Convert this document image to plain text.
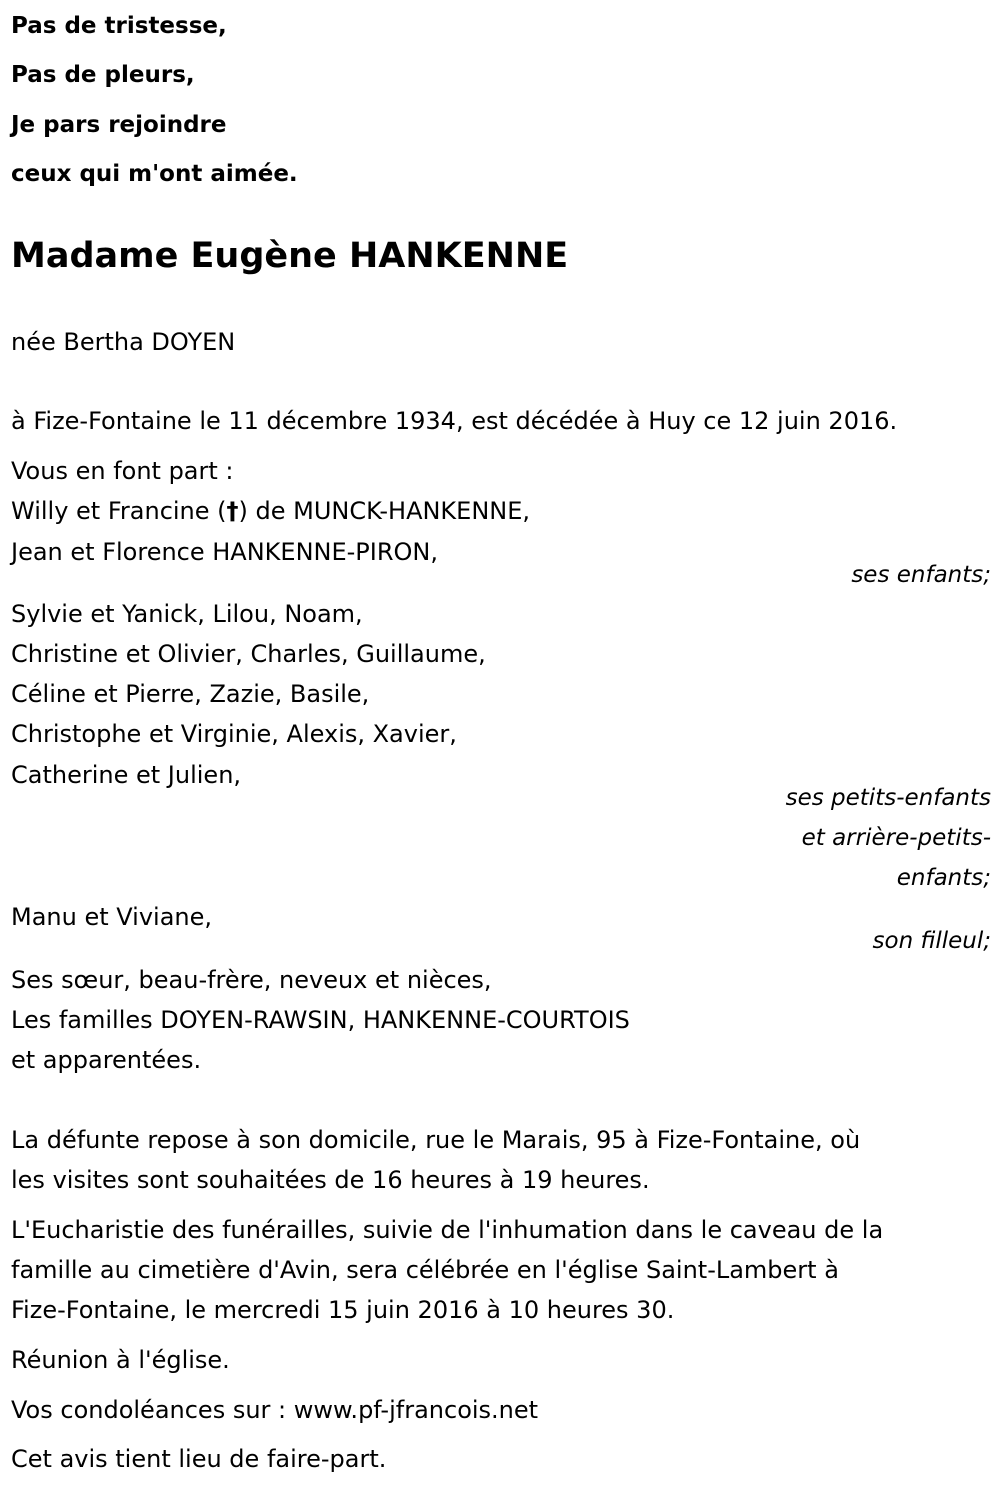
Pas de tristesse,
Pas de pleurs,
Je pars rejoindre
ceux qui m'ont aimée.
Madame Eugène HANKENNE
née Bertha DOYEN
à Fize-Fontaine le 11 décembre 1934, est décédée à Huy ce 12 juin 2016.
Vous en font part :
Willy et Francine (†) de MUNCK-HANKENNE,
Jean et Florence HANKENNE-PIRON,
ses enfants;
Sylvie et Yanick, Lilou, Noam,
Christine et Olivier, Charles, Guillaume,
Céline et Pierre, Zazie, Basile,
Christophe et Virginie, Alexis, Xavier,
Catherine et Julien,
ses petits-enfants
et arrière-petits-
enfants;
Manu et Viviane,
son filleul;
Ses sœur, beau-frère, neveux et nièces,
Les familles DOYEN-RAWSIN, HANKENNE-COURTOIS
et apparentées.
La défunte repose à son domicile, rue le Marais, 95 à Fize-Fontaine, où
les visites sont souhaitées de 16 heures à 19 heures.
L'Eucharistie des funérailles, suivie de l'inhumation dans le caveau de la
famille au cimetière d'Avin, sera célébrée en l'église Saint-Lambert à
Fize-Fontaine, le mercredi 15 juin 2016 à 10 heures 30.
Réunion à l'église.
Vos condoléances sur : www.pf-jfrancois.net
Cet avis tient lieu de faire-part.
